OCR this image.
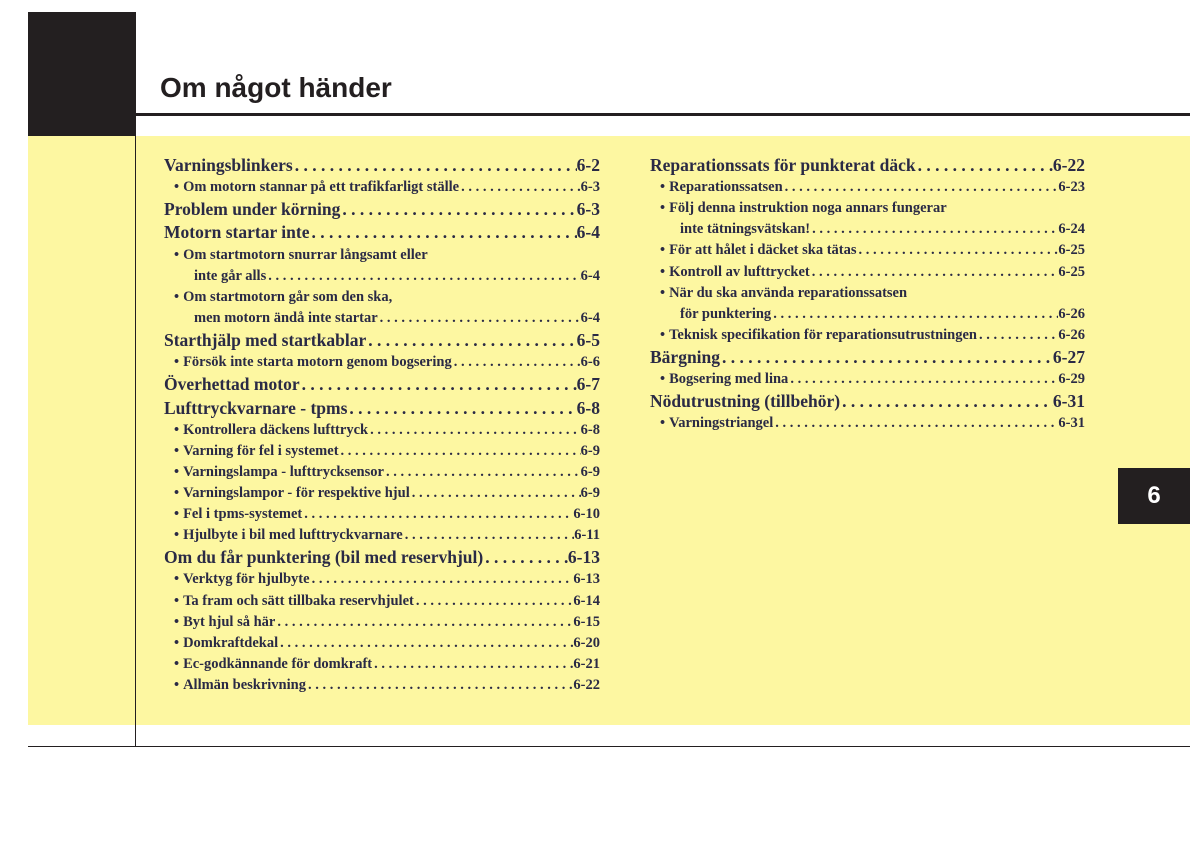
Om något händer
6
Varningsblinkers . . .	6-2
• Om motorn stannar på ett trafikfarligt ställe . . .	6-3
Problem under körning . . .	6-3
Motorn startar inte . . .	6-4
• Om startmotorn snurrar långsamt eller
inte går alls . . .	6-4
• Om startmotorn går som den ska,
men motorn ändå inte startar . . .	6-4
Starthjälp med startkablar . . .	6-5
• Försök inte starta motorn genom bogsering . . .	6-6
Överhettad motor . . .	6-7
Lufttryckvarnare - tpms . . .	6-8
• Kontrollera däckens lufttryck . . .	6-8
• Varning för fel i systemet . . .	6-9
• Varningslampa - lufttrycksensor . . .	6-9
• Varningslampor - för respektive hjul . . .	6-9
• Fel i tpms-systemet . . .	6-10
• Hjulbyte i bil med lufttryckvarnare . . .	6-11
Om du får punktering (bil med reservhjul) . . .	6-13
• Verktyg för hjulbyte . . .	6-13
• Ta fram och sätt tillbaka reservhjulet . . .	6-14
• Byt hjul så här . . .	6-15
• Domkraftdekal . . .	6-20
• Ec-godkännande för domkraft . . .	6-21
• Allmän beskrivning . . .	6-22
Reparationssats för punkterat däck . . .	6-22
• Reparationssatsen . . .	6-23
• Följ denna instruktion noga annars fungerar
inte tätningsvätskan! . . .	6-24
• För att hålet i däcket ska tätas . . .	6-25
• Kontroll av lufttrycket . . .	6-25
• När du ska använda reparationssatsen
för punktering . . .	6-26
• Teknisk specifikation för reparationsutrustningen . . .	6-26
Bärgning . . .	6-27
• Bogsering med lina . . .	6-29
Nödutrustning (tillbehör) . . .	6-31
• Varningstriangel . . .	6-31
